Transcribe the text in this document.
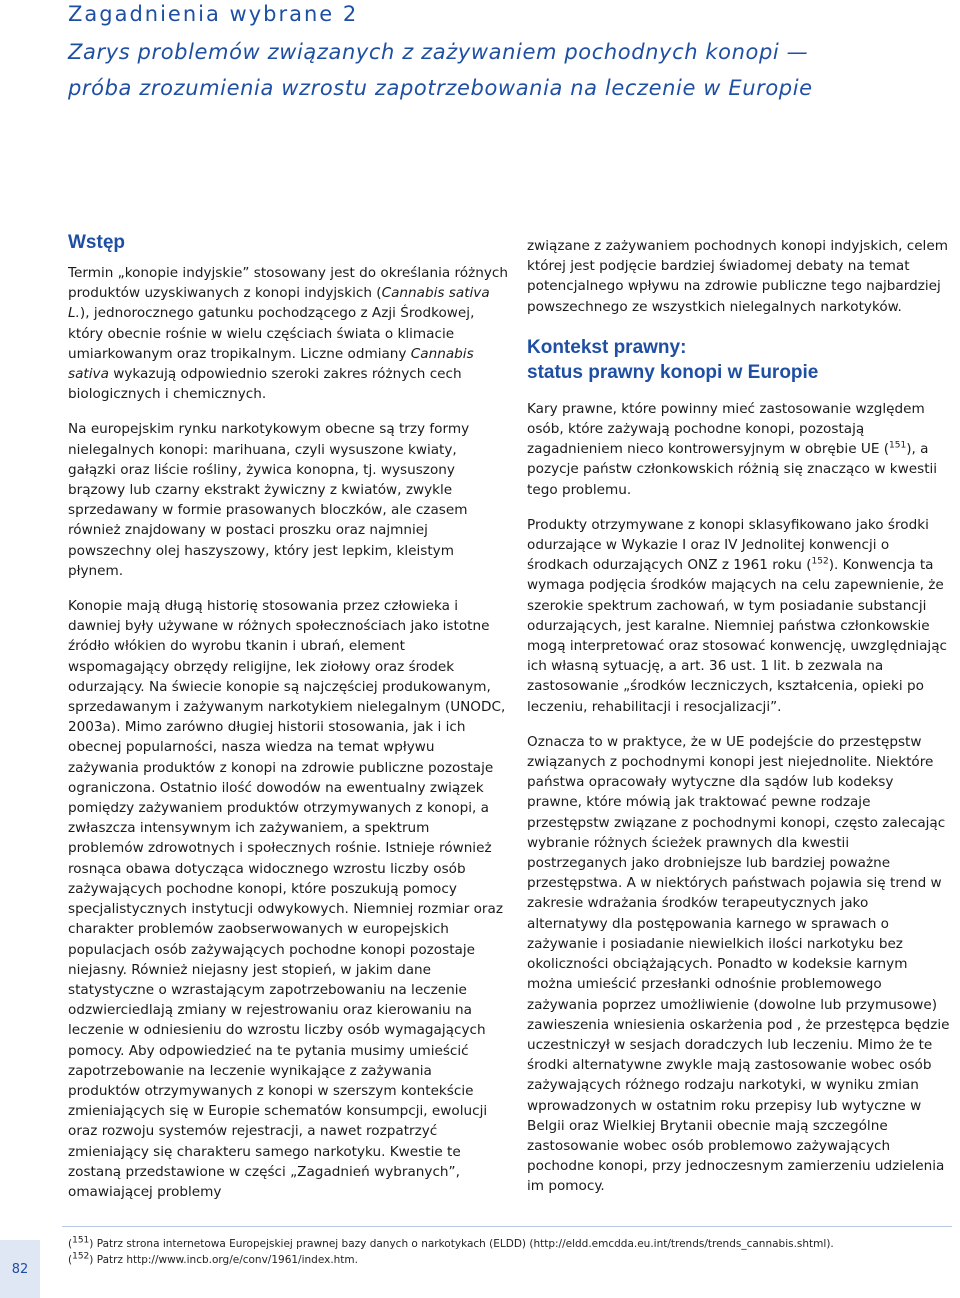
Zagadnienia wybrane 2
Zarys problemów związanych z zażywaniem pochodnych konopi —
próba zrozumienia wzrostu zapotrzebowania na leczenie w Europie
Wstęp

Termin „konopie indyjskie” stosowany jest do określania różnych produktów uzyskiwanych z konopi indyjskich (Cannabis sativa L.), jednorocznego gatunku pochodzącego z Azji Środkowej, który obecnie rośnie w wielu częściach świata o klimacie umiarkowanym oraz tropikalnym. Liczne odmiany Cannabis sativa wykazują odpowiednio szeroki zakres różnych cech biologicznych i chemicznych.

Na europejskim rynku narkotykowym obecne są trzy formy nielegalnych konopi: marihuana, czyli wysuszone kwiaty, gałązki oraz liście rośliny, żywica konopna, tj. wysuszony brązowy lub czarny ekstrakt żywiczny z kwiatów, zwykle sprzedawany w formie prasowanych bloczków, ale czasem również znajdowany w postaci proszku oraz najmniej powszechny olej haszyszowy, który jest lepkim, kleistym płynem.

Konopie mają długą historię stosowania przez człowieka i dawniej były używane w różnych społecznościach jako istotne źródło włókien do wyrobu tkanin i ubrań, element wspomagający obrzędy religijne, lek ziołowy oraz środek odurzający. Na świecie konopie są najczęściej produkowanym, sprzedawanym i zażywanym narkotykiem nielegalnym (UNODC, 2003a). Mimo zarówno długiej historii stosowania, jak i ich obecnej popularności, nasza wiedza na temat wpływu zażywania produktów z konopi na zdrowie publiczne pozostaje ograniczona. Ostatnio ilość dowodów na ewentualny związek pomiędzy zażywaniem produktów otrzymywanych z konopi, a zwłaszcza intensywnym ich zażywaniem, a spektrum problemów zdrowotnych i społecznych rośnie. Istnieje również rosnąca obawa dotycząca widocznego wzrostu liczby osób zażywających pochodne konopi, które poszukują pomocy specjalistycznych instytucji odwykowych. Niemniej rozmiar oraz charakter problemów zaobserwowanych w europejskich populacjach osób zażywających pochodne konopi pozostaje niejasny. Również niejasny jest stopień, w jakim dane statystyczne o wzrastającym zapotrzebowaniu na leczenie odzwierciedlają zmiany w rejestrowaniu oraz kierowaniu na leczenie w odniesieniu do wzrostu liczby osób wymagających pomocy. Aby odpowiedzieć na te pytania musimy umieścić zapotrzebowanie na leczenie wynikające z zażywania produktów otrzymywanych z konopi w szerszym kontekście zmieniających się w Europie schematów konsumpcji, ewolucji oraz rozwoju systemów rejestracji, a nawet rozpatrzyć zmieniający się charakteru samego narkotyku. Kwestie te zostaną przedstawione w części „Zagadnień wybranych”, omawiającej problemy

związane z zażywaniem pochodnych konopi indyjskich, celem której jest podjęcie bardziej świadomej debaty na temat potencjalnego wpływu na zdrowie publiczne tego najbardziej powszechnego ze wszystkich nielegalnych narkotyków.

Kontekst prawny:
status prawny konopi w Europie

Kary prawne, które powinny mieć zastosowanie względem osób, które zażywają pochodne konopi, pozostają zagadnieniem nieco kontrowersyjnym w obrębie UE ($^{151}$), a pozycje państw członkowskich różnią się znacząco w kwestii tego problemu.

Produkty otrzymywane z konopi sklasyfikowano jako środki odurzające w Wykazie I oraz IV Jednolitej konwencji o środkach odurzających ONZ z 1961 roku ($^{152}$). Konwencja ta wymaga podjęcia środków mających na celu zapewnienie, że szerokie spektrum zachowań, w tym posiadanie substancji odurzających, jest karalne. Niemniej państwa członkowskie mogą interpretować oraz stosować konwencję, uwzględniając ich własną sytuację, a art. 36 ust. 1 lit. b zezwala na zastosowanie „środków leczniczych, kształcenia, opieki po leczeniu, rehabilitacji i resocjalizacji”.

Oznacza to w praktyce, że w UE podejście do przestępstw związanych z pochodnymi konopi jest niejednolite. Niektóre państwa opracowały wytyczne dla sądów lub kodeksy prawne, które mówią jak traktować pewne rodzaje przestępstw związane z pochodnymi konopi, często zalecając wybranie różnych ścieżek prawnych dla kwestii postrzeganych jako drobniejsze lub bardziej poważne przestępstwa. A w niektórych państwach pojawia się trend w zakresie wdrażania środków terapeutycznych jako alternatywy dla postępowania karnego w sprawach o zażywanie i posiadanie niewielkich ilości narkotyku bez okoliczności obciążających. Ponadto w kodeksie karnym można umieścić przesłanki odnośnie problemowego zażywania poprzez umożliwienie (dowolne lub przymusowe) zawieszenia wniesienia oskarżenia pod , że przestępca będzie uczestniczył w sesjach doradczych lub leczeniu. Mimo że te środki alternatywne zwykle mają zastosowanie wobec osób zażywających różnego rodzaju narkotyki, w wyniku zmian wprowadzonych w ostatnim roku przepisy lub wytyczne w Belgii oraz Wielkiej Brytanii obecnie mają szczególne zastosowanie wobec osób problemowo zażywających pochodne konopi, przy jednoczesnym zamierzeniu udzielenia im pomocy.

(151) Patrz strona internetowa Europejskiej prawnej bazy danych o narkotykach (ELDD) (http://eldd.emcdda.eu.int/trends/trends_cannabis.shtml).
(152) Patrz http://www.incb.org/e/conv/1961/index.htm.
82
